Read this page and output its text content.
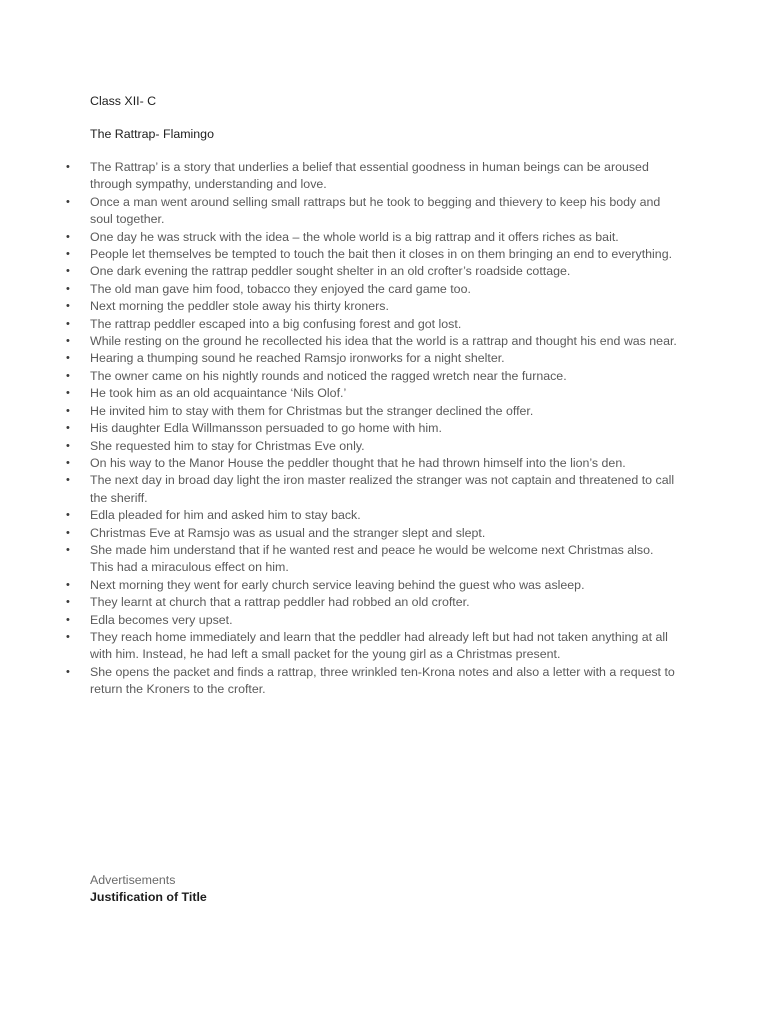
Class XII- C
The Rattrap- Flamingo
• The Rattrap’ is a story that underlies a belief that essential goodness in human beings can be aroused through sympathy, understanding and love.
• Once a man went around selling small rattraps but he took to begging and thievery to keep his body and soul together.
• One day he was struck with the idea – the whole world is a big rattrap and it offers riches as bait.
• People let themselves be tempted to touch the bait then it closes in on them bringing an end to everything.
• One dark evening the rattrap peddler sought shelter in an old crofter’s roadside cottage.
• The old man gave him food, tobacco they enjoyed the card game too.
• Next morning the peddler stole away his thirty kroners.
• The rattrap peddler escaped into a big confusing forest and got lost.
• While resting on the ground he recollected his idea that the world is a rattrap and thought his end was near.
• Hearing a thumping sound he reached Ramsjo ironworks for a night shelter.
• The owner came on his nightly rounds and noticed the ragged wretch near the furnace.
• He took him as an old acquaintance ‘Nils Olof.’
• He invited him to stay with them for Christmas but the stranger declined the offer.
• His daughter Edla Willmansson persuaded to go home with him.
• She requested him to stay for Christmas Eve only.
• On his way to the Manor House the peddler thought that he had thrown himself into the lion’s den.
• The next day in broad day light the iron master realized the stranger was not captain and threatened to call the sheriff.
• Edla pleaded for him and asked him to stay back.
• Christmas Eve at Ramsjo was as usual and the stranger slept and slept.
• She made him understand that if he wanted rest and peace he would be welcome next Christmas also. This had a miraculous effect on him.
• Next morning they went for early church service leaving behind the guest who was asleep.
• They learnt at church that a rattrap peddler had robbed an old crofter.
• Edla becomes very upset.
• They reach home immediately and learn that the peddler had already left but had not taken anything at all with him. Instead, he had left a small packet for the young girl as a Christmas present.
• She opens the packet and finds a rattrap, three wrinkled ten-Krona notes and also a letter with a request to return the Kroners to the crofter.
Advertisements
Justification of Title
